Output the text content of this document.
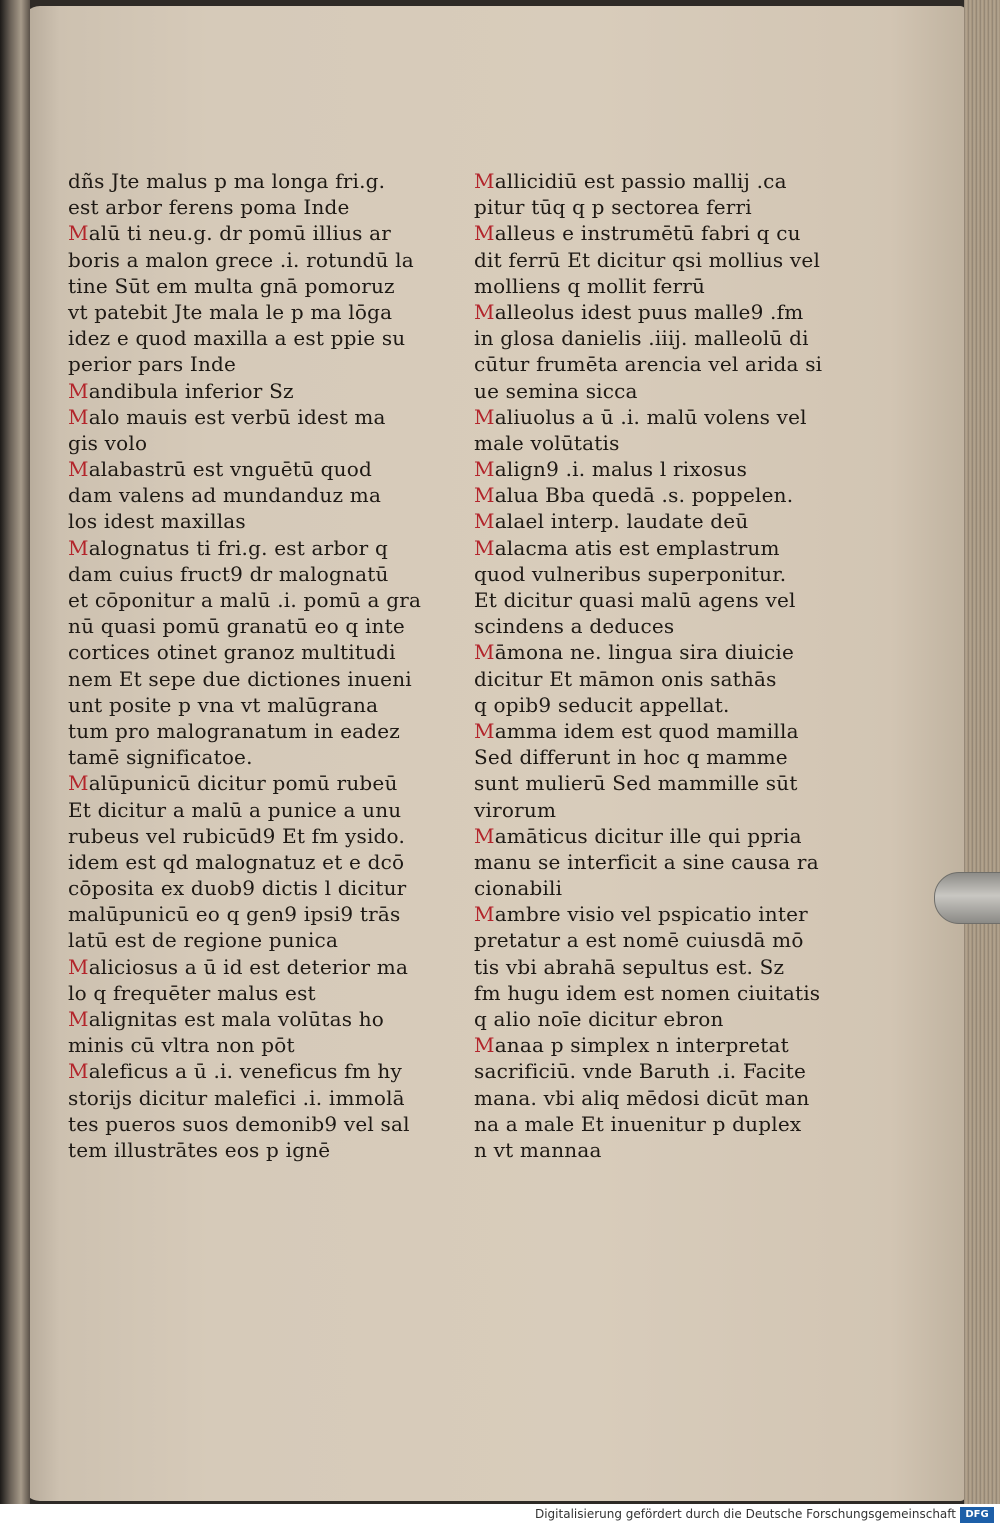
dñs Jte malus p ma longa fri.g.
est arbor ferens poma Inde
Malū ti neu.g. dr pomū illius ar
boris a malon grece .i. rotundū la
tine Sūt em multa gnā pomoruz
vt patebit Jte mala le p ma lōga
idez e quod maxilla a est ppie su
perior pars Inde
Mandibula inferior Sz
Malo mauis est verbū idest ma
gis volo
Malabastrū est vnguētū quod
dam valens ad mundanduz ma
los idest maxillas
Malognatus ti fri.g. est arbor q
dam cuius fruct9 dr malognatū
et cōponitur a malū .i. pomū a gra
nū quasi pomū granatū eo q inte
cortices otinet granoz multitudi
nem Et sepe due dictiones inueni
unt posite p vna vt malūgrana
tum pro malogranatum in eadez
tamē significatoe.
Malūpunicū dicitur pomū rubeū
Et dicitur a malū a punice a unu
rubeus vel rubicūd9 Et fm ysido.
idem est qd malognatuz et e dcō
cōposita ex duob9 dictis l dicitur
malūpunicū eo q gen9 ipsi9 trās
latū est de regione punica
Maliciosus a ū id est deterior ma
lo q frequēter malus est
Malignitas est mala volūtas ho
minis cū vltra non pōt
Maleficus a ū .i. veneficus fm hy
storijs dicitur malefici .i. immolā
tes pueros suos demonib9 vel sal
tem illustrātes eos p ignē
Mallicidiū est passio mallij .ca
pitur tūq q p sectorea ferri
Malleus e instrumētū fabri q cu
dit ferrū Et dicitur qsi mollius vel
molliens q mollit ferrū
Malleolus idest puus malle9 .fm
in glosa danielis .iiij. malleolū di
cūtur frumēta arencia vel arida si
ue semina sicca
Maliuolus a ū .i. malū volens vel
male volūtatis
Malign9 .i. malus l rixosus
Malua Bba quedā .s. poppelen.
Malael interp. laudate deū
Malacma atis est emplastrum
quod vulneribus superponitur.
Et dicitur quasi malū agens vel
scindens a deduces
Māmona ne. lingua sira diuicie
dicitur Et māmon onis sathās
q opib9 seducit appellat.
Mamma idem est quod mamilla
Sed differunt in hoc q mamme
sunt mulierū Sed mammille sūt
virorum
Mamāticus dicitur ille qui ppria
manu se interficit a sine causa ra
cionabili
Mambre visio vel pspicatio inter
pretatur a est nomē cuiusdā mō
tis vbi abrahā sepultus est. Sz
fm hugu idem est nomen ciuitatis
q alio noīe dicitur ebron
Manaa p simplex n interpretat
sacrificiū. vnde Baruth .i. Facite
mana. vbi aliq mēdosi dicūt man
na a male Et inuenitur p duplex
n vt mannaa
Digitalisierung gefördert durch die Deutsche Forschungsgemeinschaft DFG
